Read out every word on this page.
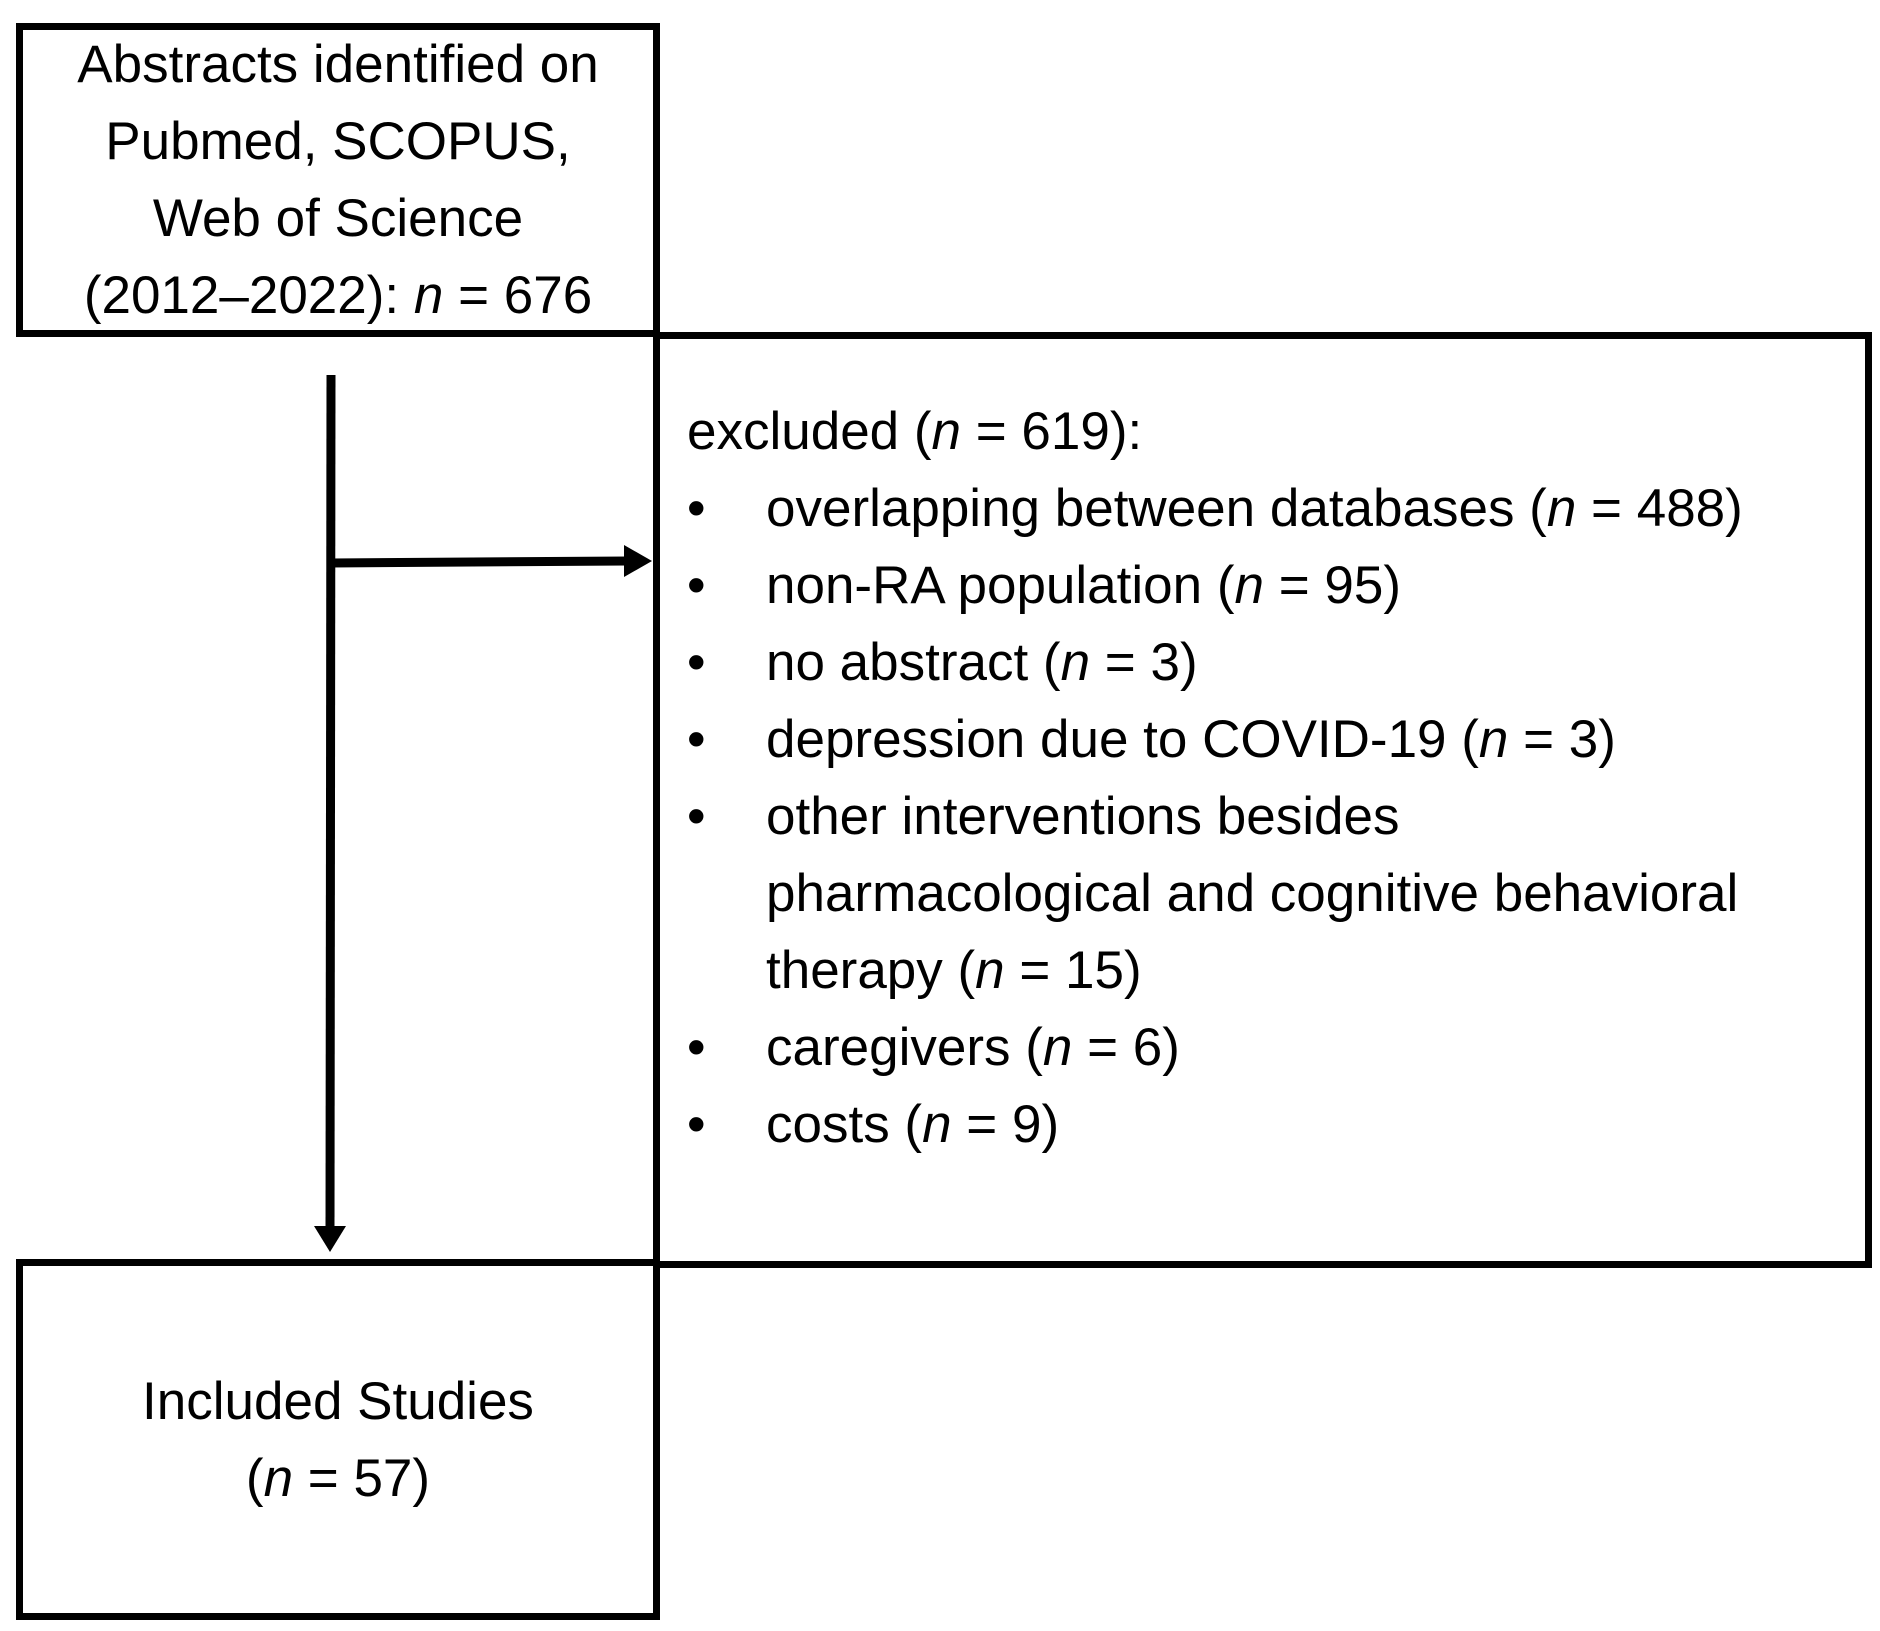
Abstracts identified on
Pubmed, SCOPUS,
Web of Science
(2012–2022): n = 676
excluded (n = 619):
• overlapping between databases (n = 488)
• non-RA population (n = 95)
• no abstract (n = 3)
• depression due to COVID-19 (n = 3)
• other interventions besides
pharmacological and cognitive behavioral
therapy (n = 15)
• caregivers (n = 6)
• costs (n = 9)
Included Studies
(n = 57)
